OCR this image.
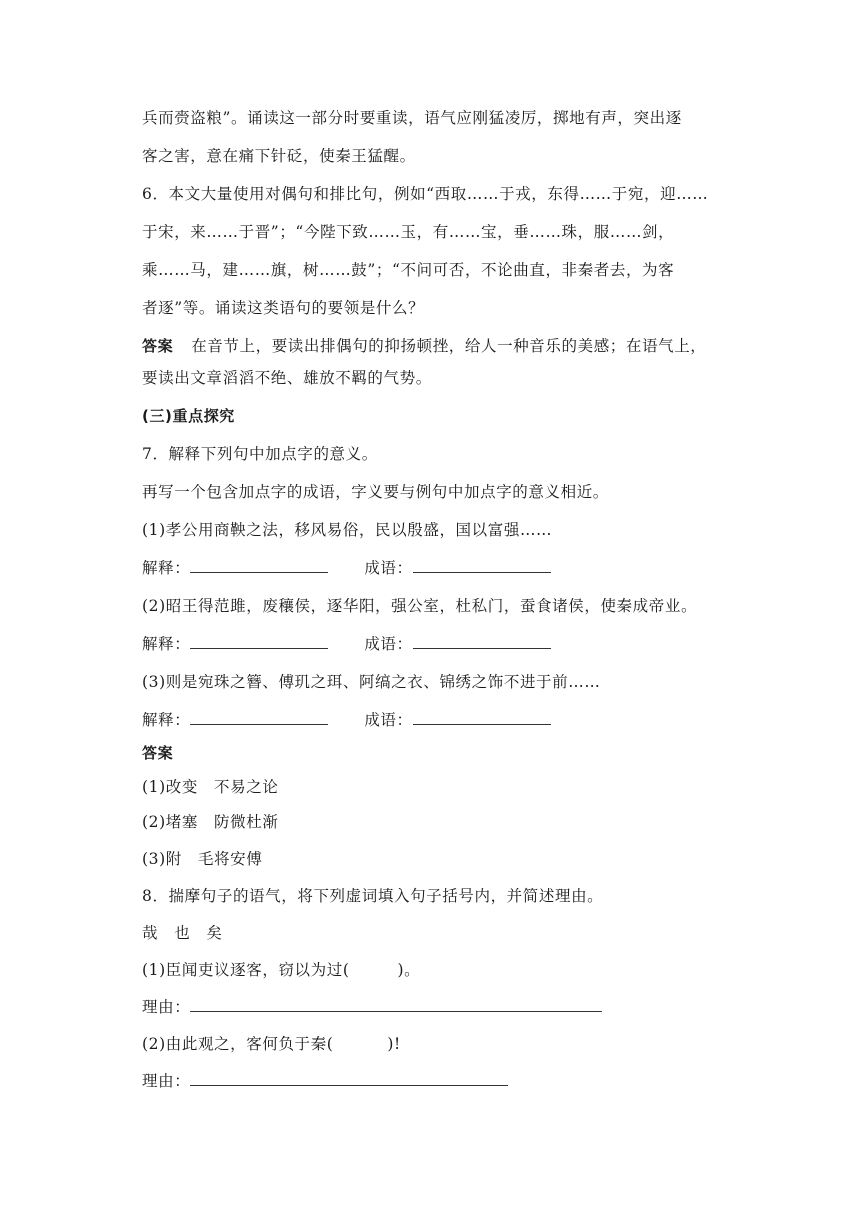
兵而赍盗粮”。诵读这一部分时要重读，语气应刚猛凌厉，掷地有声，突出逐
客之害，意在痛下针砭，使秦王猛醒。
6．本文大量使用对偶句和排比句，例如“西取……于戎，东得……于宛，迎……
于宋，来……于晋”；“今陛下致……玉，有……宝，垂……珠，服……剑，
乘……马，建……旗，树……鼓”；“不问可否，不论曲直，非秦者去，为客
者逐”等。诵读这类语句的要领是什么？
答案 在音节上，要读出排偶句的抑扬顿挫，给人一种音乐的美感；在语气上，
要读出文章滔滔不绝、雄放不羁的气势。
(三)重点探究
7．解释下列句中加点字的意义。
再写一个包含加点字的成语，字义要与例句中加点字的意义相近。
(1)孝公用商鞅之法，移风易俗，民以殷盛，国以富强……
解释：	成语：
(2)昭王得范雎，废穰侯，逐华阳，强公室，杜私门，蚕食诸侯，使秦成帝业。
解释：	成语：
(3)则是宛珠之簪、傅玑之珥、阿缟之衣、锦绣之饰不进于前……
解释：	成语：
答案
(1)改变　不易之论
(2)堵塞　防微杜渐
(3)附　毛将安傅
8．揣摩句子的语气，将下列虚词填入句子括号内，并简述理由。
哉　也　矣
(1)臣闻吏议逐客，窃以为过(	)。
理由：
(2)由此观之，客何负于秦(	)!
理由：
